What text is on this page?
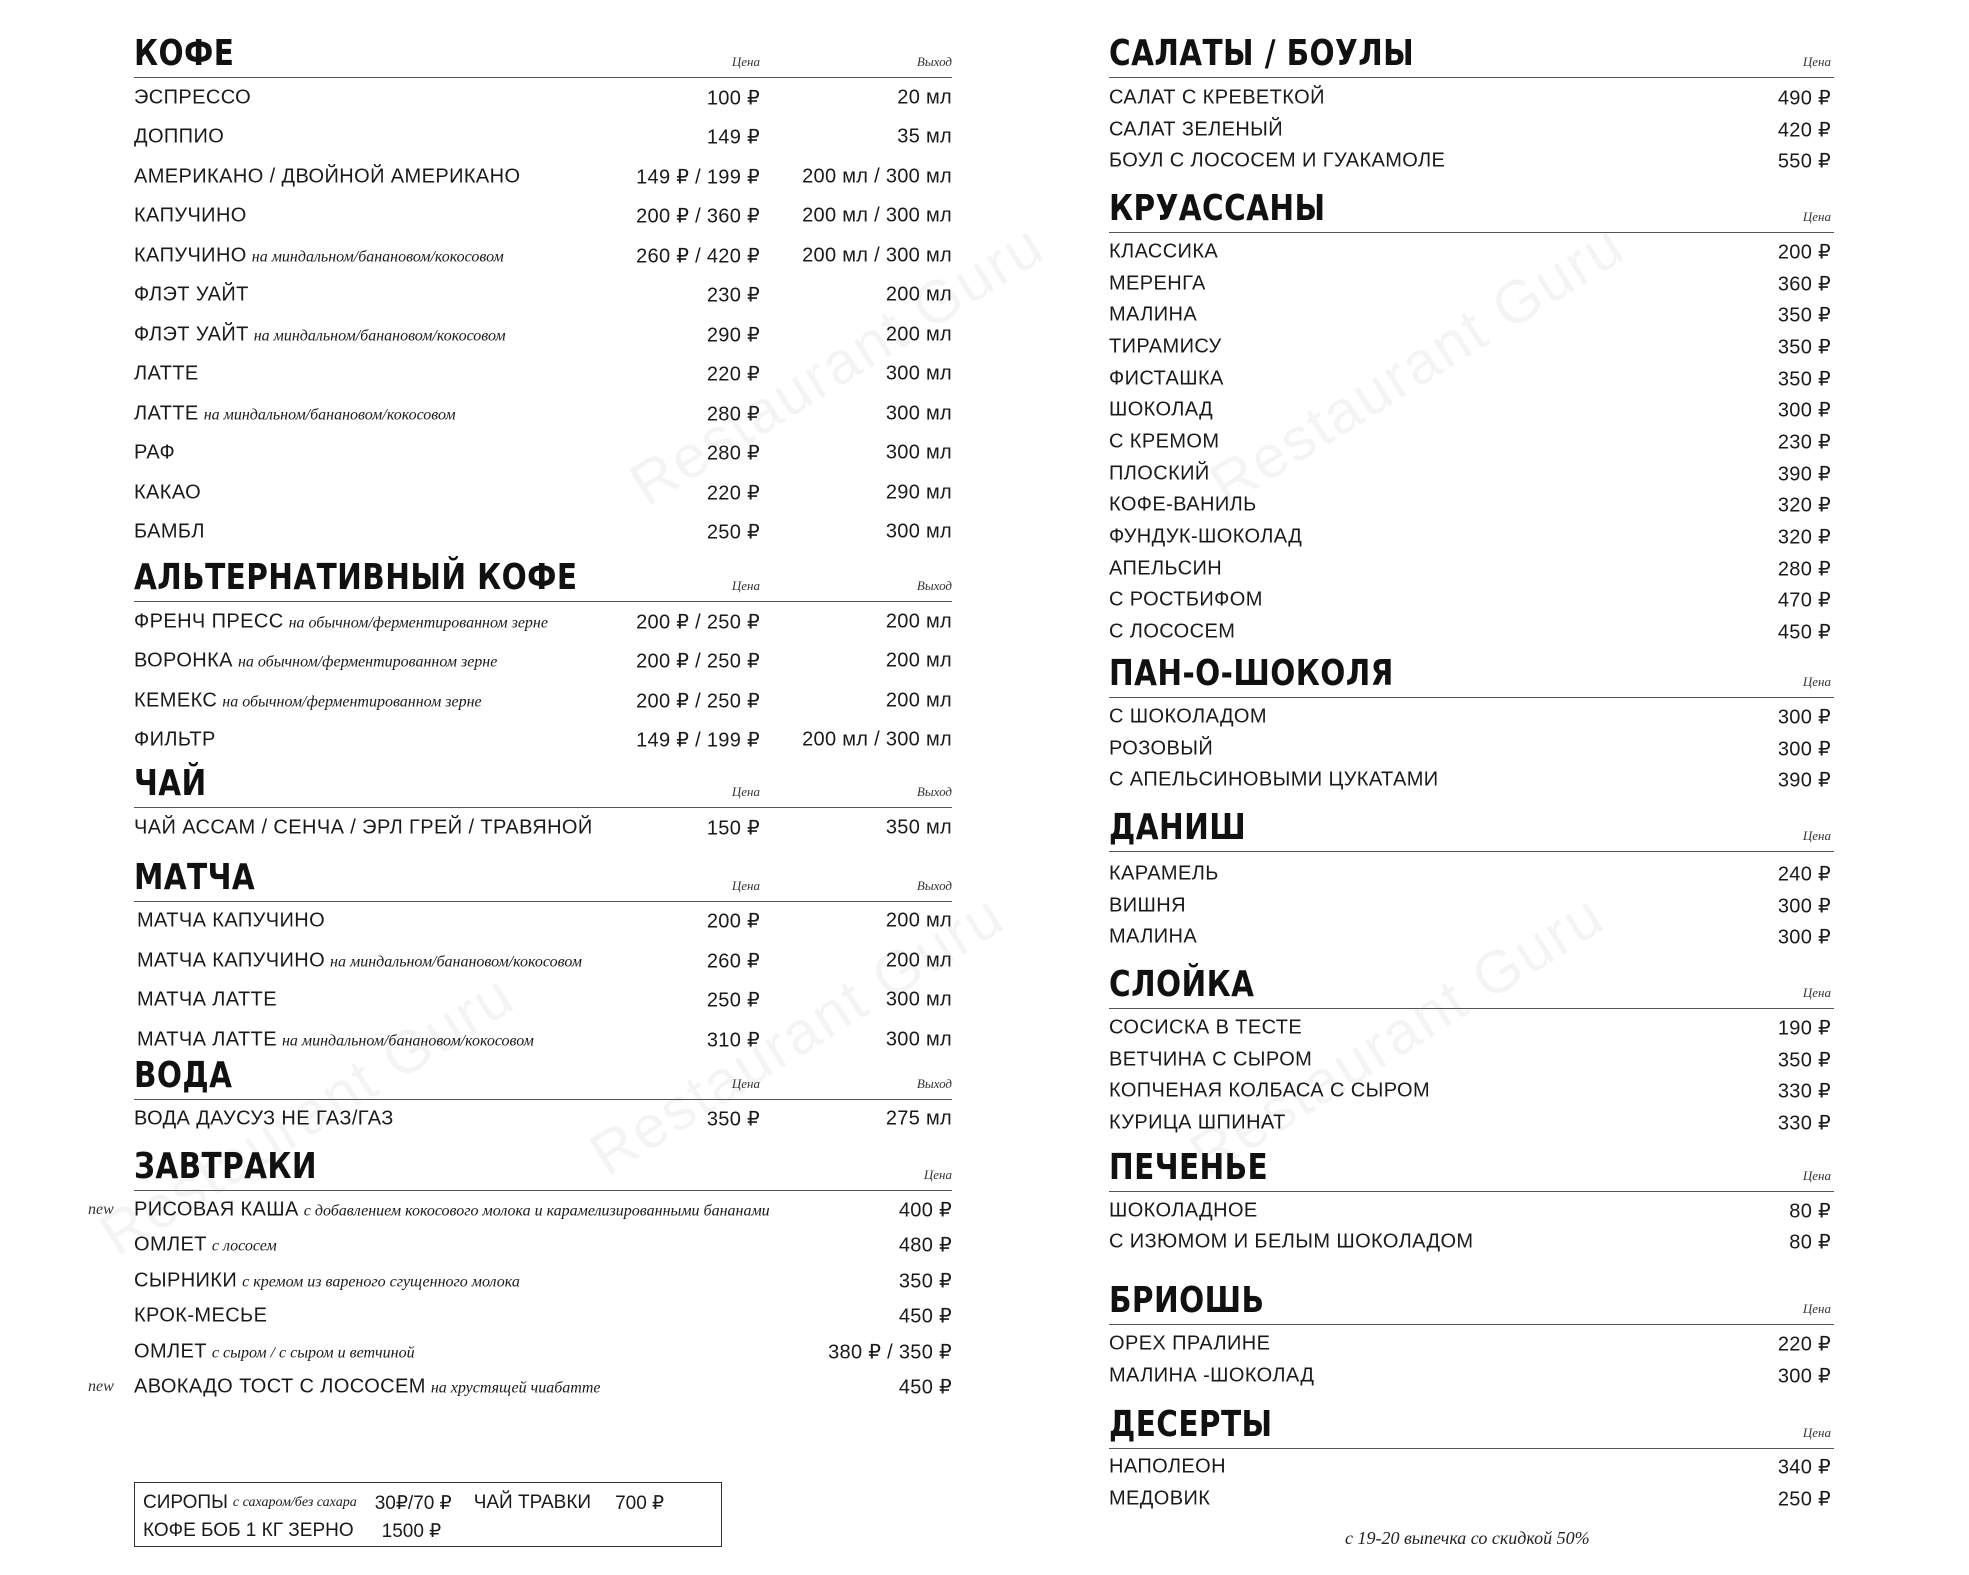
КОФЕ	Цена	Выход
ЭСПРЕССО	100 ₽	20 мл
ДОППИО	149 ₽	35 мл
АМЕРИКАНО / ДВОЙНОЙ АМЕРИКАНО	149 ₽ / 199 ₽ 200 мл / 300 мл
КАПУЧИНО	200 ₽ / 360 ₽ 200 мл / 300 мл
КАПУЧИНО на миндальном/банановом/кокосовом	260 ₽ / 420 ₽ 200 мл / 300 мл
ФЛЭТ УАЙТ	230 ₽	200 мл
ФЛЭТ УАЙТ на миндальном/банановом/кокосовом	290 ₽	200 мл
ЛАТТЕ	220 ₽	300 мл
ЛАТТЕ на миндальном/банановом/кокосовом	280 ₽	300 мл
РАФ	280 ₽	300 мл
КАКАО	220 ₽	290 мл
БАМБЛ	250 ₽	300 мл
АЛЬТЕРНАТИВНЫЙ КОФЕ	Цена	Выход
ФРЕНЧ ПРЕСС на обычном/ферментированном зерне	200 ₽ / 250 ₽	200 мл
ВОРОНКА на обычном/ферментированном зерне	200 ₽ / 250 ₽	200 мл
КЕМЕКС на обычном/ферментированном зерне	200 ₽ / 250 ₽	200 мл
ФИЛЬТР	149 ₽ / 199 ₽ 200 мл / 300 мл
ЧАЙ	Цена	Выход
ЧАЙ АССАМ / СЕНЧА / ЭРЛ ГРЕЙ / ТРАВЯНОЙ	150 ₽	350 мл
МАТЧА	Цена	Выход
МАТЧА КАПУЧИНО	200 ₽	200 мл
МАТЧА КАПУЧИНО на миндальном/банановом/кокосовом	260 ₽	200 мл
МАТЧА ЛАТТЕ	250 ₽	300 мл
МАТЧА ЛАТТЕ на миндальном/банановом/кокосовом	310 ₽	300 мл
ВОДА	Цена	Выход
ВОДА ДАУСУЗ НЕ ГАЗ/ГАЗ	350 ₽	275 мл
ЗАВТРАКИ	Цена
new РИСОВАЯ КАША с добавлением кокосового молока и карамелизированными бананами	400 ₽
ОМЛЕТ с лососем	480 ₽
СЫРНИКИ с кремом из вареного сгущенного молока	350 ₽
КРОК-МЕСЬЕ	450 ₽
ОМЛЕТ с сыром / с сыром и ветчиной	380 ₽ / 350 ₽
new АВОКАДО ТОСТ С ЛОСОСЕМ на хрустящей чиабатте	450 ₽
СИРОПЫ с сахаром/без сахара 30₽/70 ₽ ЧАЙ ТРАВКИ 700 ₽
КОФЕ БОБ 1 КГ ЗЕРНО 1500 ₽
САЛАТЫ / БОУЛЫ	Цена
САЛАТ С КРЕВЕТКОЙ	490 ₽
САЛАТ ЗЕЛЕНЫЙ	420 ₽
БОУЛ С ЛОСОСЕМ И ГУАКАМОЛЕ	550 ₽
КРУАССАНЫ	Цена
КЛАССИКА	200 ₽
МЕРЕНГА	360 ₽
МАЛИНА	350 ₽
ТИРАМИСУ	350 ₽
ФИСТАШКА	350 ₽
ШОКОЛАД	300 ₽
С КРЕМОМ	230 ₽
ПЛОСКИЙ	390 ₽
КОФЕ-ВАНИЛЬ	320 ₽
ФУНДУК-ШОКОЛАД	320 ₽
АПЕЛЬСИН	280 ₽
С РОСТБИФОМ	470 ₽
С ЛОСОСЕМ	450 ₽
ПАН-О-ШОКОЛЯ	Цена
С ШОКОЛАДОМ	300 ₽
РОЗОВЫЙ	300 ₽
С АПЕЛЬСИНОВЫМИ ЦУКАТАМИ	390 ₽
ДАНИШ	Цена
КАРАМЕЛЬ	240 ₽
ВИШНЯ	300 ₽
МАЛИНА	300 ₽
СЛОЙКА	Цена
СОСИСКА В ТЕСТЕ	190 ₽
ВЕТЧИНА С СЫРОМ	350 ₽
КОПЧЕНАЯ КОЛБАСА С СЫРОМ	330 ₽
КУРИЦА ШПИНАТ	330 ₽
ПЕЧЕНЬЕ	Цена
ШОКОЛАДНОЕ	80 ₽
С ИЗЮМОМ И БЕЛЫМ ШОКОЛАДОМ	80 ₽
БРИОШЬ	Цена
ОРЕХ ПРАЛИНЕ	220 ₽
МАЛИНА -ШОКОЛАД	300 ₽
ДЕСЕРТЫ	Цена
НАПОЛЕОН	340 ₽
МЕДОВИК	250 ₽
с 19-20 выпечка со скидкой 50%
